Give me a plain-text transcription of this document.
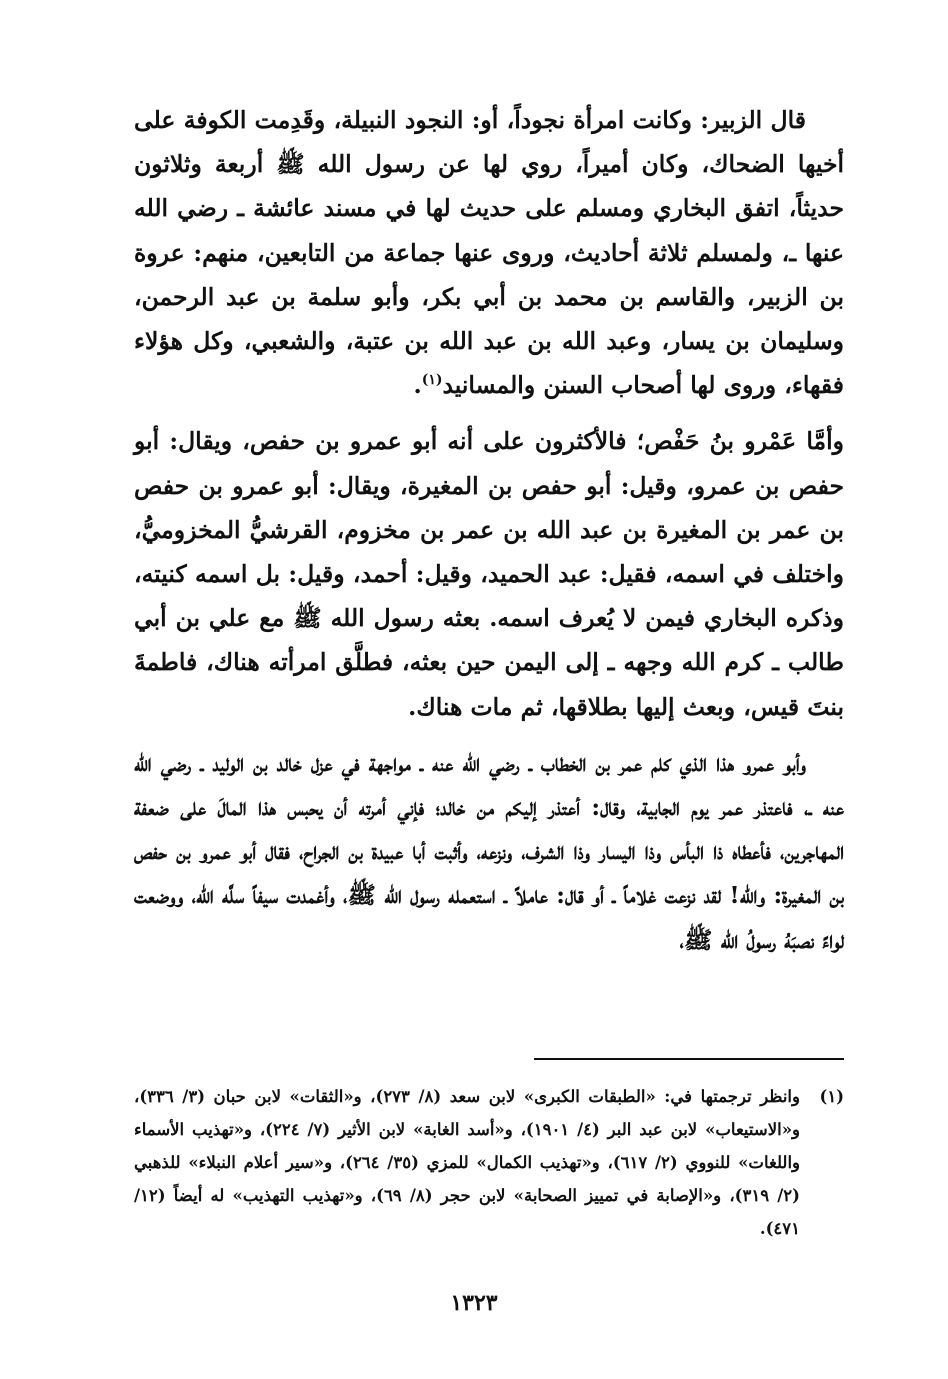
قال الزبير: وكانت امرأة نجوداً، أو: النجود النبيلة، وقَدِمت الكوفة على أخيها الضحاك، وكان أميراً، روي لها عن رسول الله ﷺ أربعة وثلاثون حديثاً، اتفق البخاري ومسلم على حديث لها في مسند عائشة ـ رضي الله عنها ـ، ولمسلم ثلاثة أحاديث، وروى عنها جماعة من التابعين، منهم: عروة بن الزبير، والقاسم بن محمد بن أبي بكر، وأبو سلمة بن عبد الرحمن، وسليمان بن يسار، وعبد الله بن عبد الله بن عتبة، والشعبي، وكل هؤلاء فقهاء، وروى لها أصحاب السنن والمسانيد$^{(١)}$.

وأمَّا عَمْرو بنُ حَفْص؛ فالأكثرون على أنه أبو عمرو بن حفص، ويقال: أبو حفص بن عمرو، وقيل: أبو حفص بن المغيرة، ويقال: أبو عمرو بن حفص بن عمر بن المغيرة بن عبد الله بن عمر بن مخزوم، القرشيُّ المخزوميُّ، واختلف في اسمه، فقيل: عبد الحميد، وقيل: أحمد، وقيل: بل اسمه كنيته، وذكره البخاري فيمن لا يُعرف اسمه. بعثه رسول الله ﷺ مع علي بن أبي طالب ـ كرم الله وجهه ـ إلى اليمن حين بعثه، فطلَّق امرأته هناك، فاطمةَ بنتَ قيس، وبعث إليها بطلاقها، ثم مات هناك.

وأبو عمرو هذا الذي كلم عمر بن الخطاب ـ رضي الله عنه ـ مواجهة في عزل خالد بن الوليد ـ رضي الله عنه ـ، فاعتذر عمر يوم الجابية، وقال: أعتذر إليكم من خالد؛ فإني أمرته أن يحبس هذا المالَ على ضعفة المهاجرين، فأعطاه ذا البأس وذا اليسار وذا الشرف، ونزعه، وأثبت أبا عبيدة بن الجراح، فقال أبو عمرو بن حفص بن المغيرة: والله! لقد نزعت غلاماً ـ أو قال: عاملاً ـ استعمله رسول الله ﷺ، وأغمدت سيفاً سلَّه الله، ووضعت لواءً نصبَهُ رسولُ الله ﷺ،

(١)
وانظر ترجمتها في: «الطبقات الكبرى» لابن سعد (٨/ ٢٧٣)، و«الثقات» لابن حبان (٣/ ٣٣٦)، و«الاستيعاب» لابن عبد البر (٤/ ١٩٠١)، و«أسد الغابة» لابن الأثير (٧/ ٢٢٤)، و«تهذيب الأسماء واللغات» للنووي (٢/ ٦١٧)، و«تهذيب الكمال» للمزي (٣٥/ ٢٦٤)، و«سير أعلام النبلاء» للذهبي (٢/ ٣١٩)، و«الإصابة في تمييز الصحابة» لابن حجر (٨/ ٦٩)، و«تهذيب التهذيب» له أيضاً (١٢/ ٤٧١).
١٣٢٣
